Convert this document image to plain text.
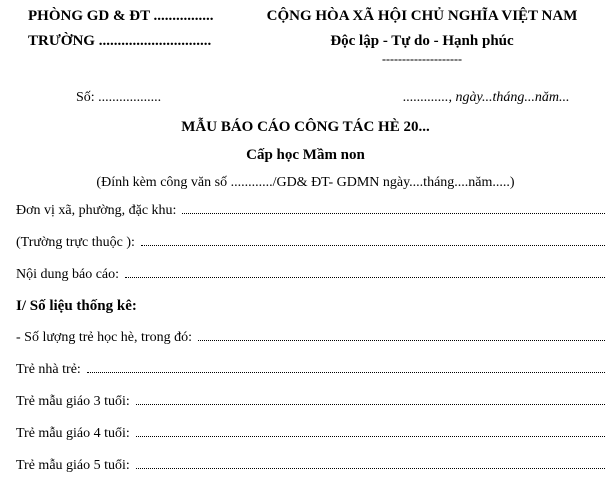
PHÒNG GD & ĐT ................
TRƯỜNG ..............................
CỘNG HÒA XÃ HỘI CHỦ NGHĨA VIỆT NAM
Độc lập - Tự do - Hạnh phúc
--------------------
Số: ..................	............., ngày...tháng...năm...
MẪU BÁO CÁO CÔNG TÁC HÈ 20...
Cấp học Mầm non
(Đính kèm công văn số ............/GD& ĐT- GDMN ngày....tháng....năm.....)
Đơn vị xã, phường, đặc khu:
(Trường trực thuộc ):
Nội dung báo cáo:
I/ Số liệu thống kê:
- Số lượng trẻ học hè, trong đó:
Trẻ nhà trẻ:
Trẻ mẫu giáo 3 tuổi:
Trẻ mẫu giáo 4 tuổi:
Trẻ mẫu giáo 5 tuổi:
